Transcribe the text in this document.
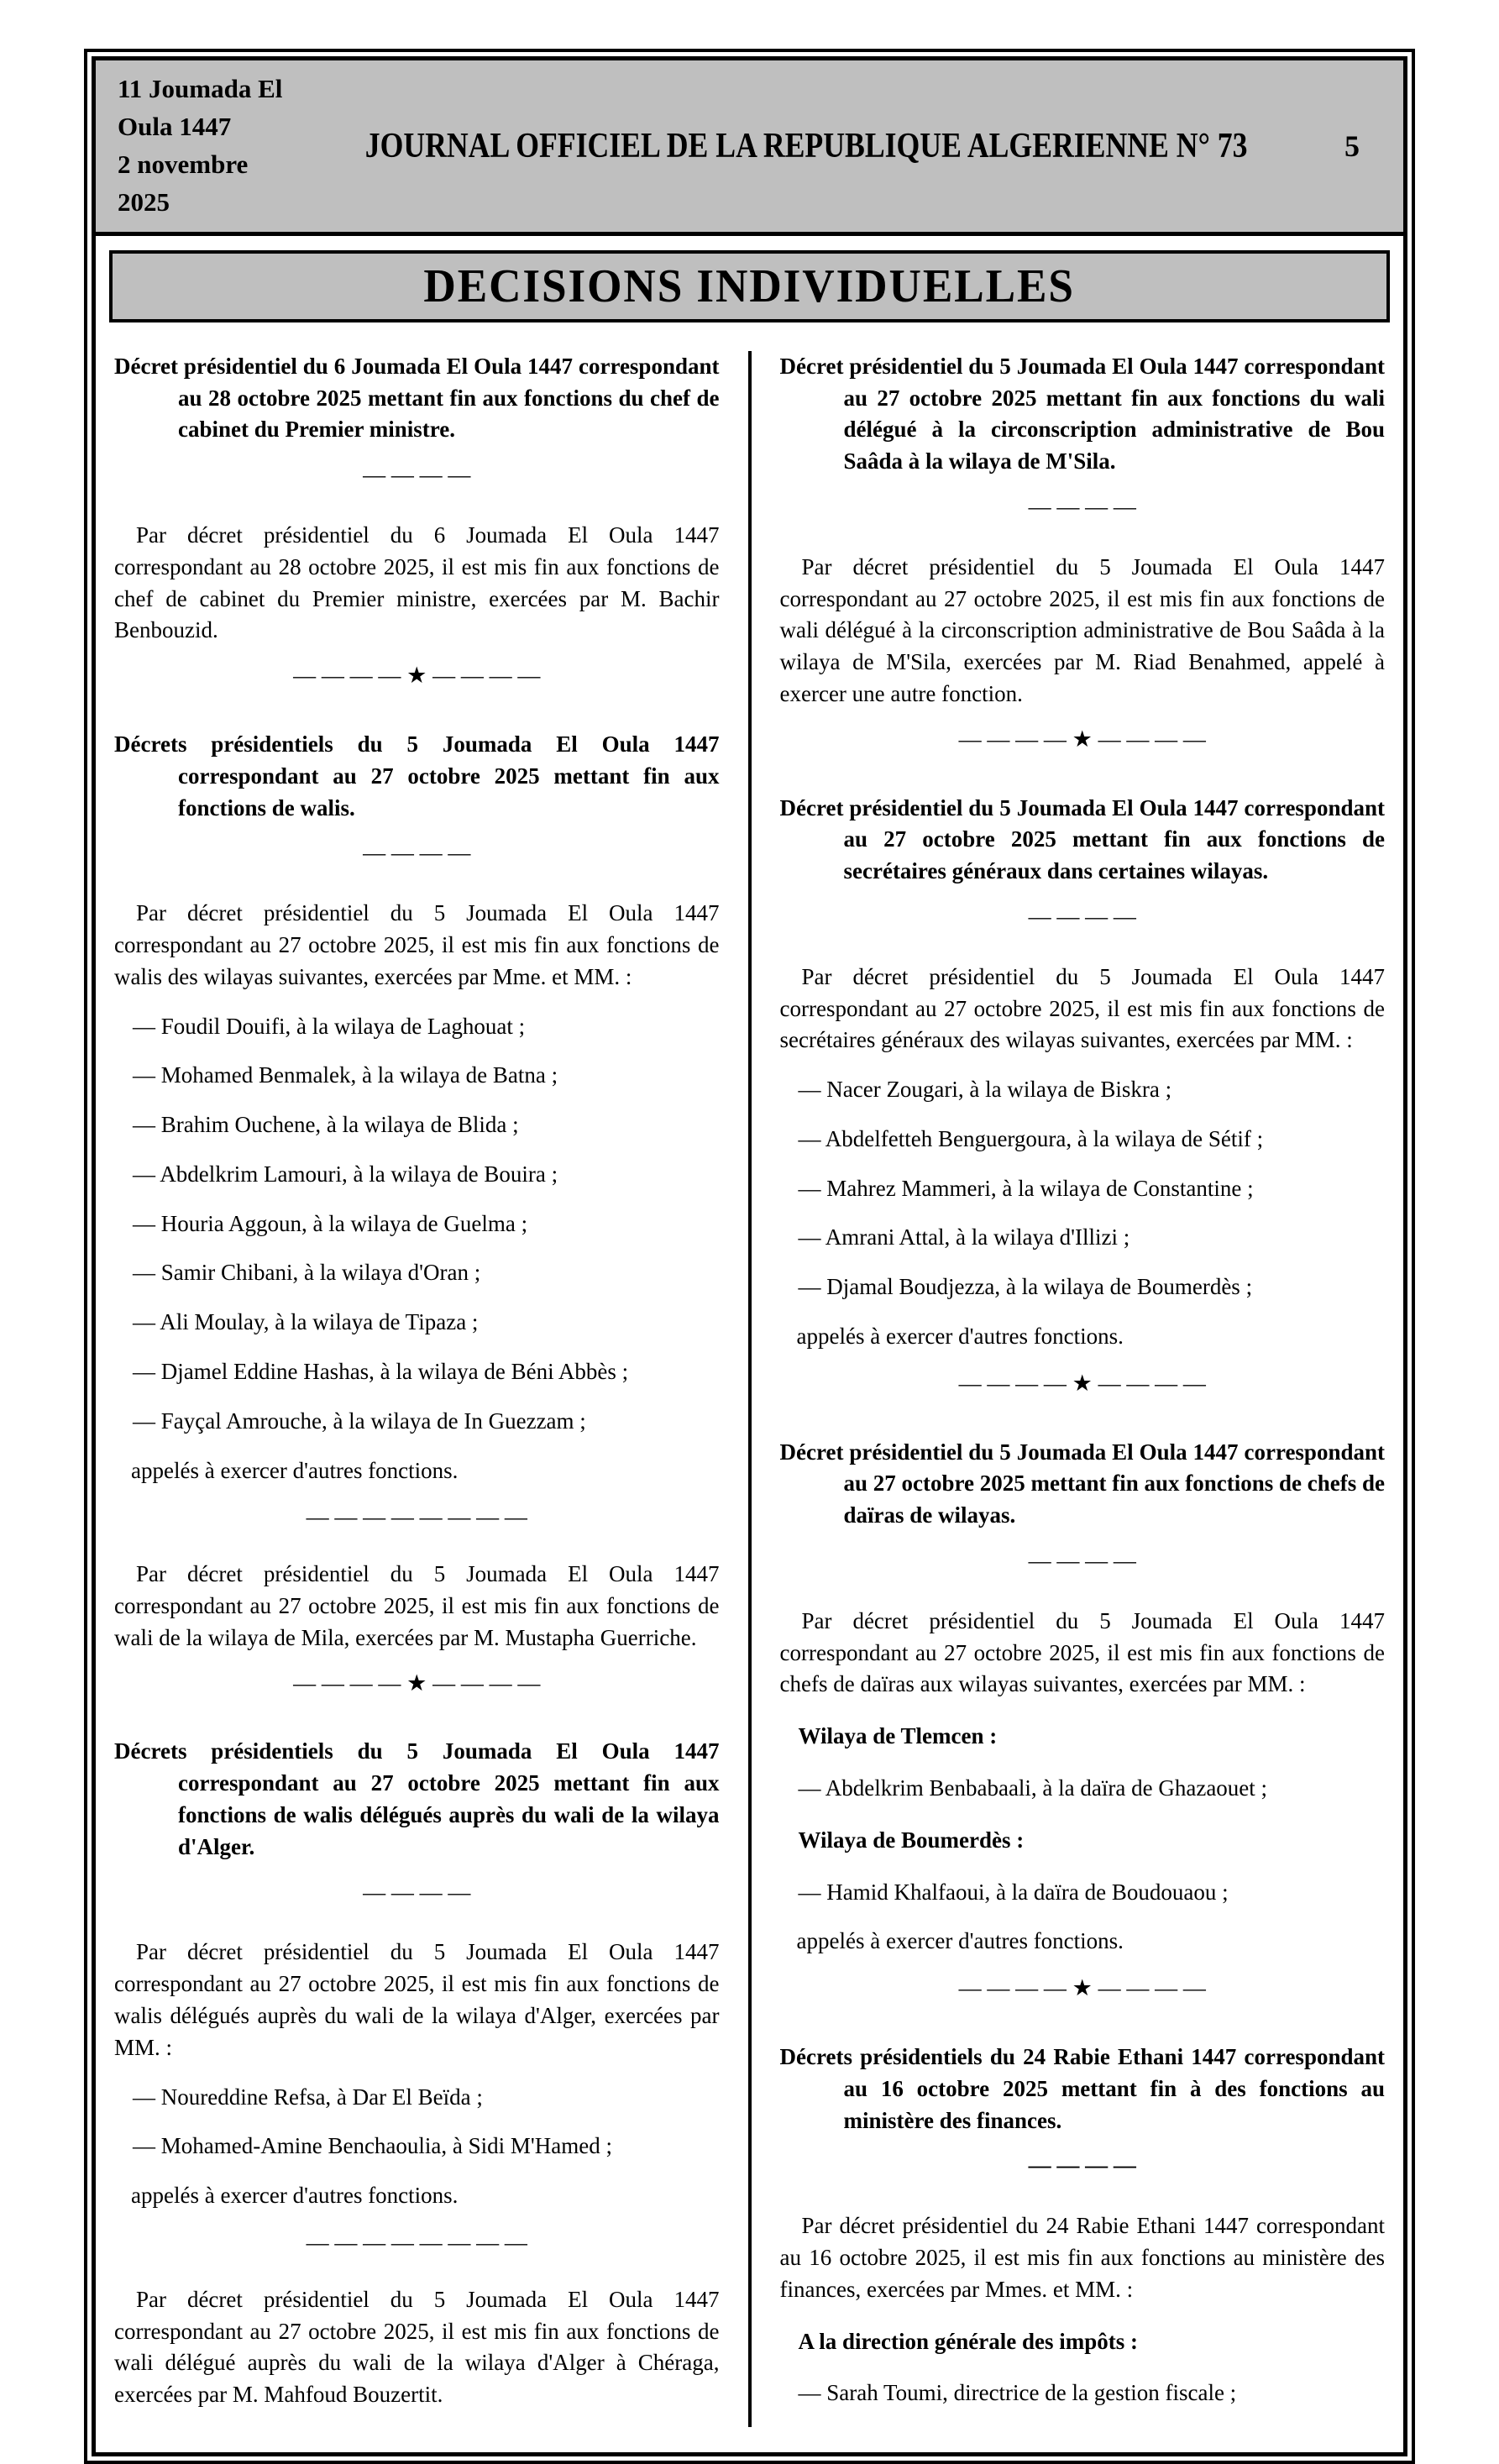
11 Joumada El Oula 1447
2 novembre 2025
JOURNAL OFFICIEL DE LA REPUBLIQUE ALGERIENNE N° 73	5
DECISIONS INDIVIDUELLES
Décret présidentiel du 6 Joumada El Oula 1447 correspondant au 28 octobre 2025 mettant fin aux fonctions du chef de cabinet du Premier ministre.
— — — —
Par décret présidentiel du 6 Joumada El Oula 1447 correspondant au 28 octobre 2025, il est mis fin aux fonctions de chef de cabinet du Premier ministre, exercées par M. Bachir Benbouzid.
— — — — ★ — — — —
Décrets présidentiels du 5 Joumada El Oula 1447 correspondant au 27 octobre 2025 mettant fin aux fonctions de walis.
— — — —
Par décret présidentiel du 5 Joumada El Oula 1447 correspondant au 27 octobre 2025, il est mis fin aux fonctions de walis des wilayas suivantes, exercées par Mme. et MM. :
— Foudil Douifi, à la wilaya de Laghouat ;
— Mohamed Benmalek, à la wilaya de Batna ;
— Brahim Ouchene, à la wilaya de Blida ;
— Abdelkrim Lamouri, à la wilaya de Bouira ;
— Houria Aggoun, à la wilaya de Guelma ;
— Samir Chibani, à la wilaya d'Oran ;
— Ali Moulay, à la wilaya de Tipaza ;
— Djamel Eddine Hashas, à la wilaya de Béni Abbès ;
— Fayçal Amrouche, à la wilaya de In Guezzam ;
appelés à exercer d'autres fonctions.
— — — — — — — —
Par décret présidentiel du 5 Joumada El Oula 1447 correspondant au 27 octobre 2025, il est mis fin aux fonctions de wali de la wilaya de Mila, exercées par M. Mustapha Guerriche.
— — — — ★ — — — —
Décrets présidentiels du 5 Joumada El Oula 1447 correspondant au 27 octobre 2025 mettant fin aux fonctions de walis délégués auprès du wali de la wilaya d'Alger.
— — — —
Par décret présidentiel du 5 Joumada El Oula 1447 correspondant au 27 octobre 2025, il est mis fin aux fonctions de walis délégués auprès du wali de la wilaya d'Alger, exercées par MM. :
— Noureddine Refsa, à Dar El Beïda ;
— Mohamed-Amine Benchaoulia, à Sidi M'Hamed ;
appelés à exercer d'autres fonctions.
— — — — — — — —
Par décret présidentiel du 5 Joumada El Oula 1447 correspondant au 27 octobre 2025, il est mis fin aux fonctions de wali délégué auprès du wali de la wilaya d'Alger à Chéraga, exercées par M. Mahfoud Bouzertit.
Décret présidentiel du 5 Joumada El Oula 1447 correspondant au 27 octobre 2025 mettant fin aux fonctions du wali délégué à la circonscription administrative de Bou Saâda à la wilaya de M'Sila.
— — — —
Par décret présidentiel du 5 Joumada El Oula 1447 correspondant au 27 octobre 2025, il est mis fin aux fonctions de wali délégué à la circonscription administrative de Bou Saâda à la wilaya de M'Sila, exercées par M. Riad Benahmed, appelé à exercer une autre fonction.
— — — — ★ — — — —
Décret présidentiel du 5 Joumada El Oula 1447 correspondant au 27 octobre 2025 mettant fin aux fonctions de secrétaires généraux dans certaines wilayas.
— — — —
Par décret présidentiel du 5 Joumada El Oula 1447 correspondant au 27 octobre 2025, il est mis fin aux fonctions de secrétaires généraux des wilayas suivantes, exercées par MM. :
— Nacer Zougari, à la wilaya de Biskra ;
— Abdelfetteh Benguergoura, à la wilaya de Sétif ;
— Mahrez Mammeri, à la wilaya de Constantine ;
— Amrani Attal, à la wilaya d'Illizi ;
— Djamal Boudjezza, à la wilaya de Boumerdès ;
appelés à exercer d'autres fonctions.
— — — — ★ — — — —
Décret présidentiel du 5 Joumada El Oula 1447 correspondant au 27 octobre 2025 mettant fin aux fonctions de chefs de daïras de wilayas.
— — — —
Par décret présidentiel du 5 Joumada El Oula 1447 correspondant au 27 octobre 2025, il est mis fin aux fonctions de chefs de daïras aux wilayas suivantes, exercées par MM. :
Wilaya de Tlemcen :
— Abdelkrim Benbabaali, à la daïra de Ghazaouet ;
Wilaya de Boumerdès :
— Hamid Khalfaoui, à la daïra de Boudouaou ;
appelés à exercer d'autres fonctions.
— — — — ★ — — — —
Décrets présidentiels du 24 Rabie Ethani 1447 correspondant au 16 octobre 2025 mettant fin à des fonctions au ministère des finances.
— — — —
Par décret présidentiel du 24 Rabie Ethani 1447 correspondant au 16 octobre 2025, il est mis fin aux fonctions au ministère des finances, exercées par Mmes. et MM. :
A la direction générale des impôts :
— Sarah Toumi, directrice de la gestion fiscale ;
